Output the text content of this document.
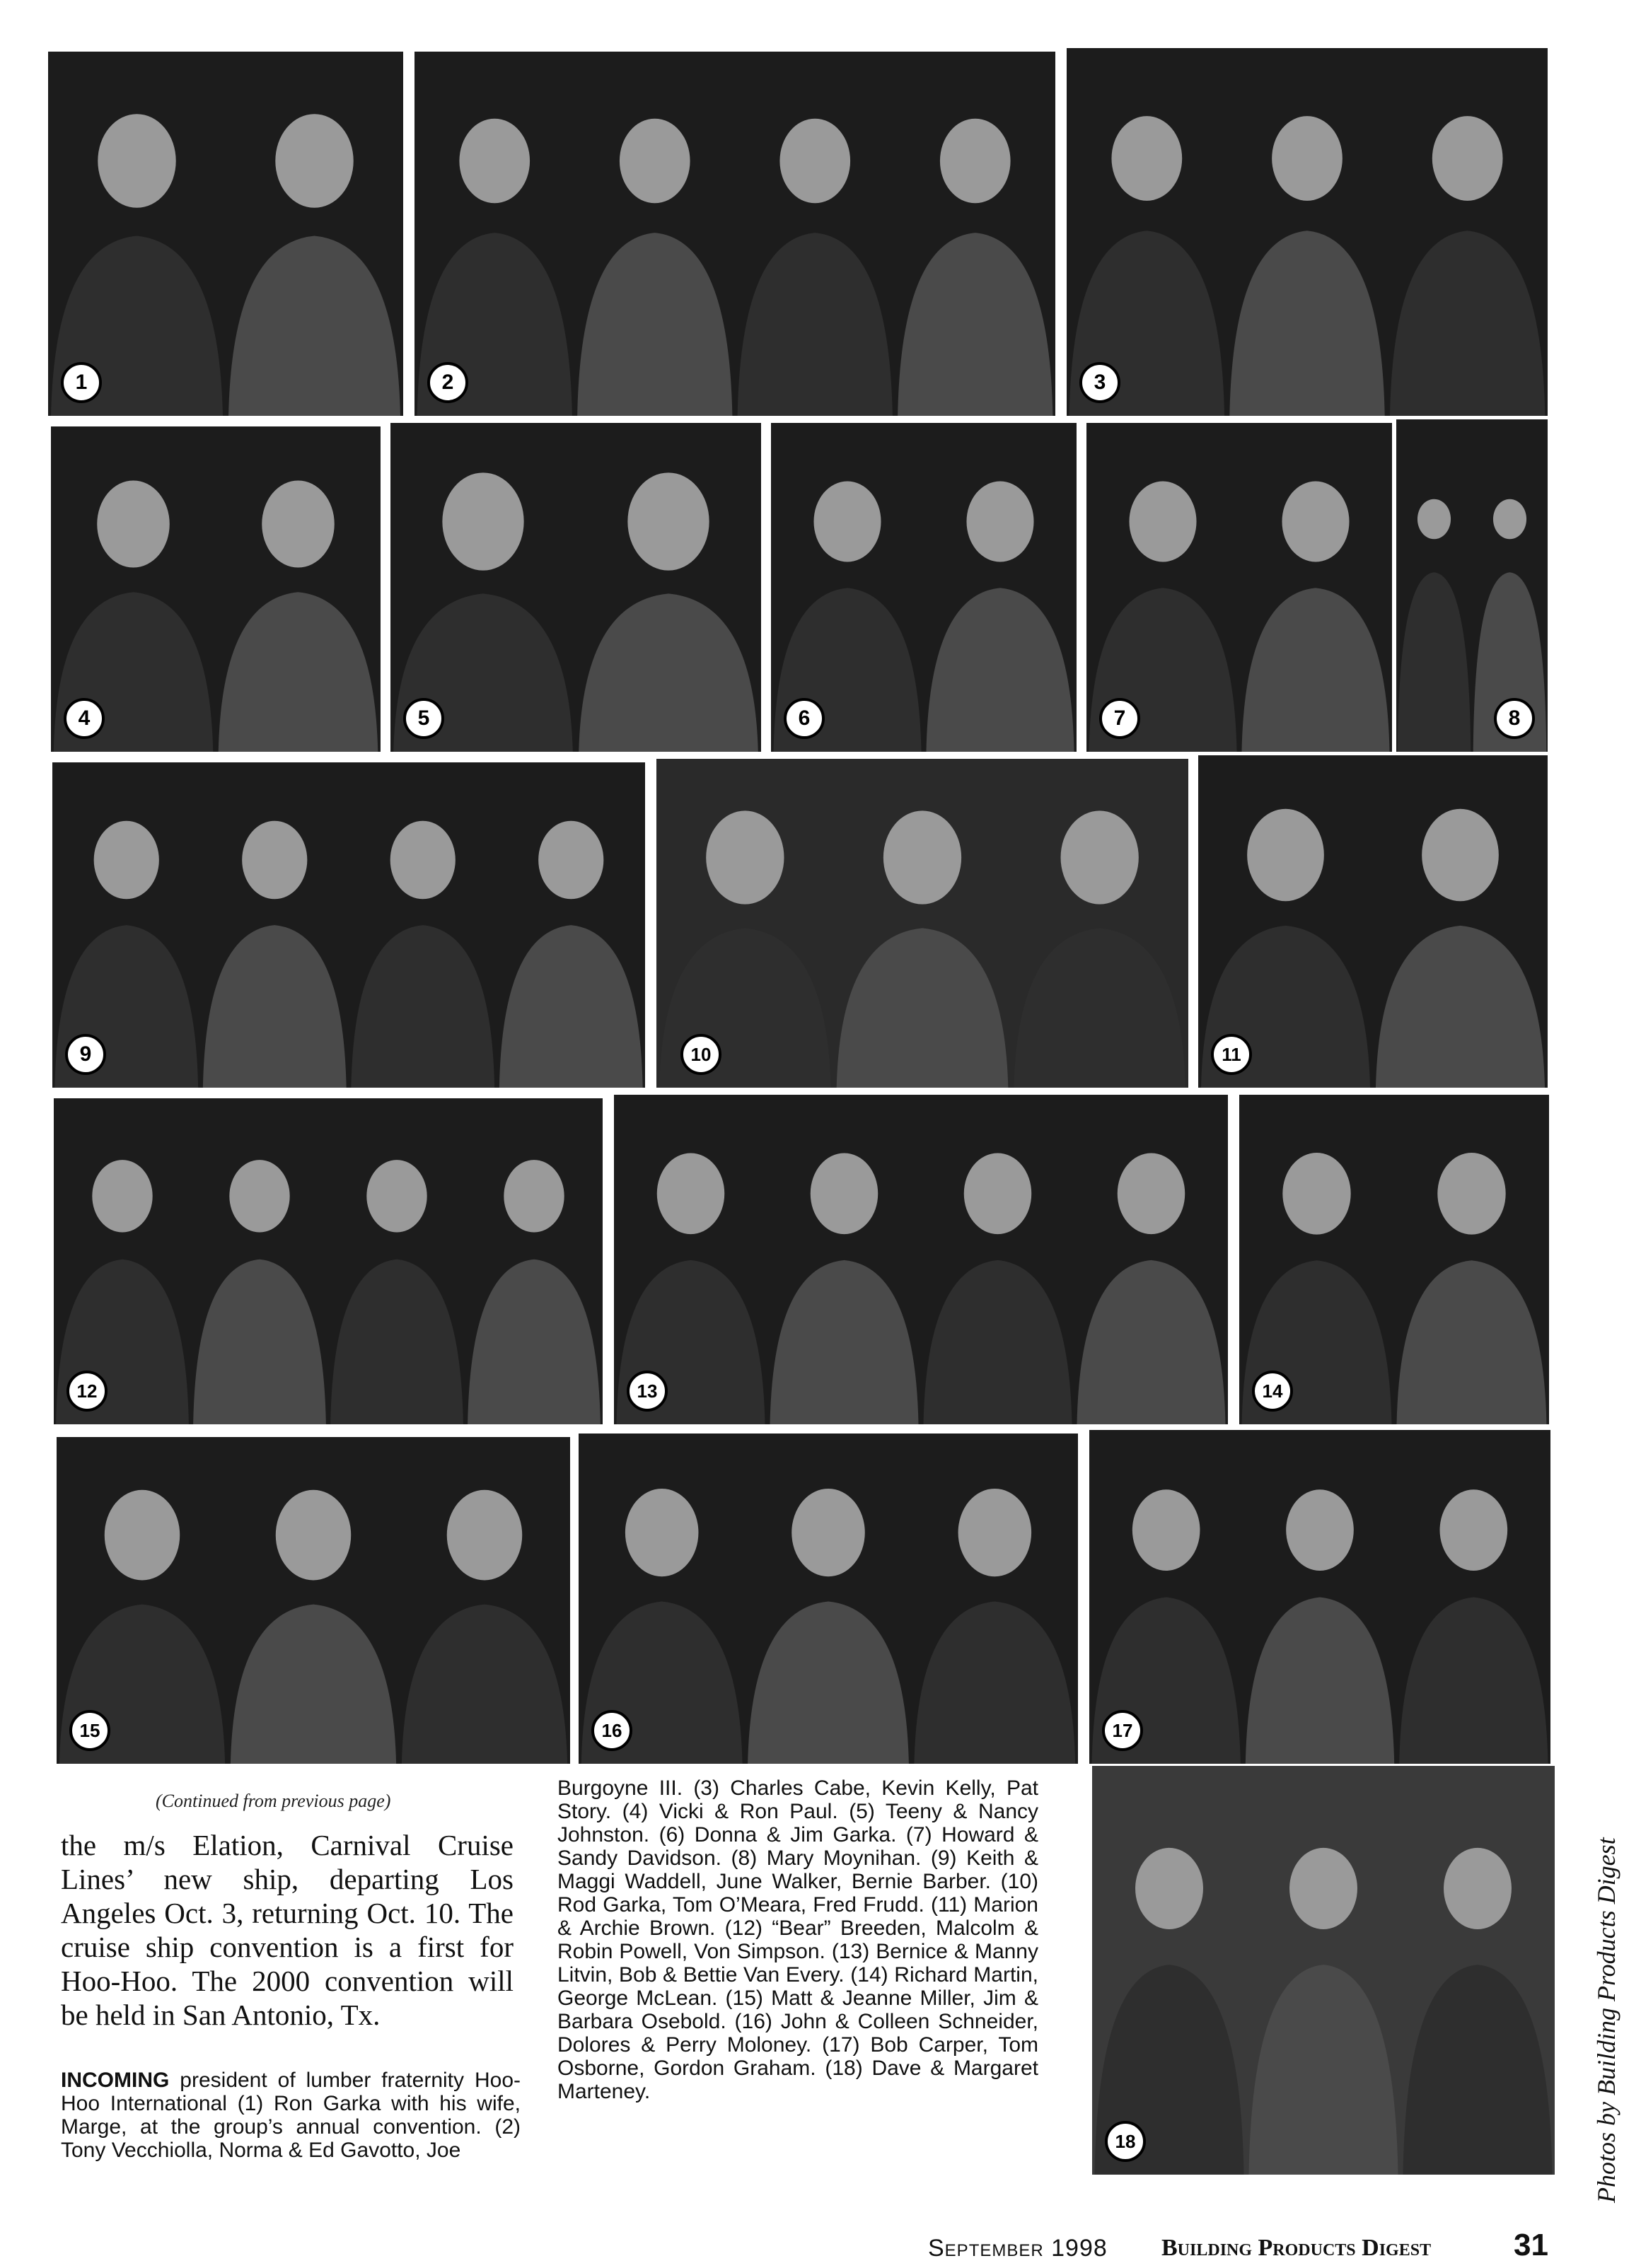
1	2	3
4	5	6	7	8
9	10	11
12	13	14
15	16	17
18
(Continued from previous page)

the m/s Elation, Carnival Cruise Lines’ new ship, departing Los Angeles Oct. 3, returning Oct. 10. The cruise ship convention is a first for Hoo-Hoo. The 2000 convention will be held in San Antonio, Tx.

INCOMING president of lumber fraternity Hoo-Hoo International (1) Ron Garka with his wife, Marge, at the group’s annual convention. (2) Tony Vecchiolla, Norma & Ed Gavotto, Joe

Burgoyne III. (3) Charles Cabe, Kevin Kelly, Pat Story. (4) Vicki & Ron Paul. (5) Teeny & Nancy Johnston. (6) Donna & Jim Garka. (7) Howard & Sandy Davidson. (8) Mary Moynihan. (9) Keith & Maggi Waddell, June Walker, Bernie Barber. (10) Rod Garka, Tom O’Meara, Fred Frudd. (11) Marion & Archie Brown. (12) “Bear” Breeden, Malcolm & Robin Powell, Von Simpson. (13) Bernice & Manny Litvin, Bob & Bettie Van Every. (14) Richard Martin, George McLean. (15) Matt & Jeanne Miller, Jim & Barbara Osebold. (16) John & Colleen Schneider, Dolores & Perry Moloney. (17) Bob Carper, Tom Osborne, Gordon Graham. (18) Dave & Margaret Marteney.	Photos by Building Products Digest
September 1998 Building Products Digest	31
